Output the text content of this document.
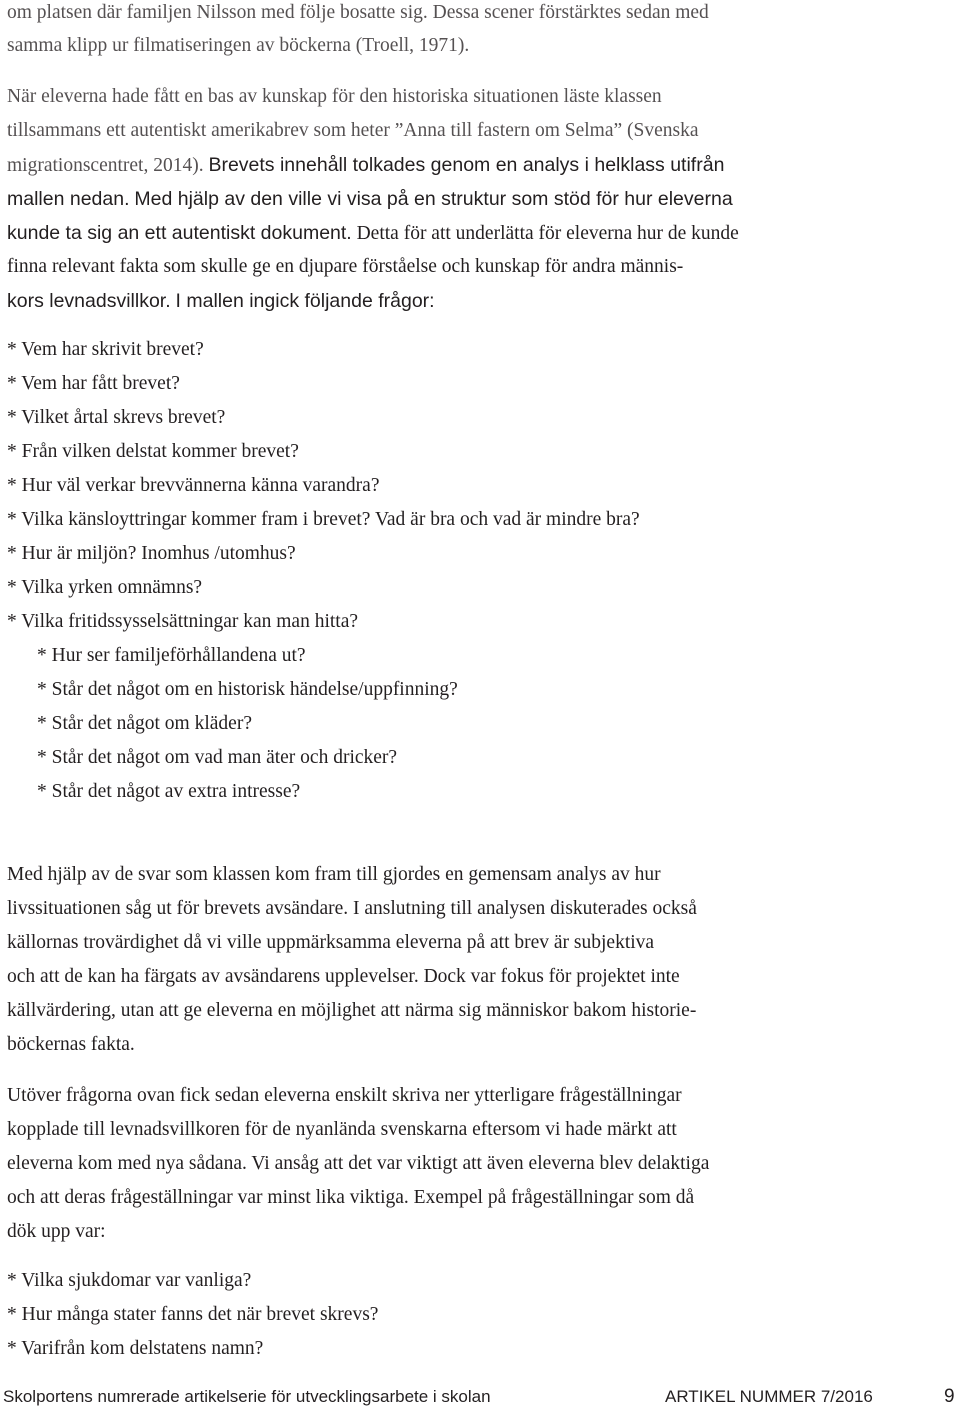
om platsen där familjen Nilsson med följe bosatte sig. Dessa scener förstärktes sedan med
samma klipp ur filmatiseringen av böckerna (Troell, 1971).
När eleverna hade fått en bas av kunskap för den historiska situationen läste klassen
tillsammans ett autentiskt amerikabrev som heter ”Anna till fastern om Selma” (Svenska
migrationscentret, 2014). Brevets innehåll tolkades genom en analys i helklass utifrån
mallen nedan. Med hjälp av den ville vi visa på en struktur som stöd för hur eleverna
kunde ta sig an ett autentiskt dokument. Detta för att underlätta för eleverna hur de kunde
finna relevant fakta som skulle ge en djupare förståelse och kunskap för andra männis-
kors levnadsvillkor. I mallen ingick följande frågor:
* Vem har skrivit brevet?
* Vem har fått brevet?
* Vilket årtal skrevs brevet?
* Från vilken delstat kommer brevet?
* Hur väl verkar brevvännerna känna varandra?
* Vilka känsloyttringar kommer fram i brevet? Vad är bra och vad är mindre bra?
* Hur är miljön? Inomhus /utomhus?
* Vilka yrken omnämns?
* Vilka fritidssysselsättningar kan man hitta?
* Hur ser familjeförhållandena ut?
* Står det något om en historisk händelse/uppfinning?
* Står det något om kläder?
* Står det något om vad man äter och dricker?
* Står det något av extra intresse?
Med hjälp av de svar som klassen kom fram till gjordes en gemensam analys av hur
livssituationen såg ut för brevets avsändare. I anslutning till analysen diskuterades också
källornas trovärdighet då vi ville uppmärksamma eleverna på att brev är subjektiva
och att de kan ha färgats av avsändarens upplevelser. Dock var fokus för projektet inte
källvärdering, utan att ge eleverna en möjlighet att närma sig människor bakom historie-
böckernas fakta.
Utöver frågorna ovan fick sedan eleverna enskilt skriva ner ytterligare frågeställningar
kopplade till levnadsvillkoren för de nyanlända svenskarna eftersom vi hade märkt att
eleverna kom med nya sådana. Vi ansåg att det var viktigt att även eleverna blev delaktiga
och att deras frågeställningar var minst lika viktiga. Exempel på frågeställningar som då
dök upp var:
* Vilka sjukdomar var vanliga?
* Hur många stater fanns det när brevet skrevs?
* Varifrån kom delstatens namn?
Skolportens numrerade artikelserie för utvecklingsarbete i skolan	ARTIKEL NUMMER 7/2016	9
